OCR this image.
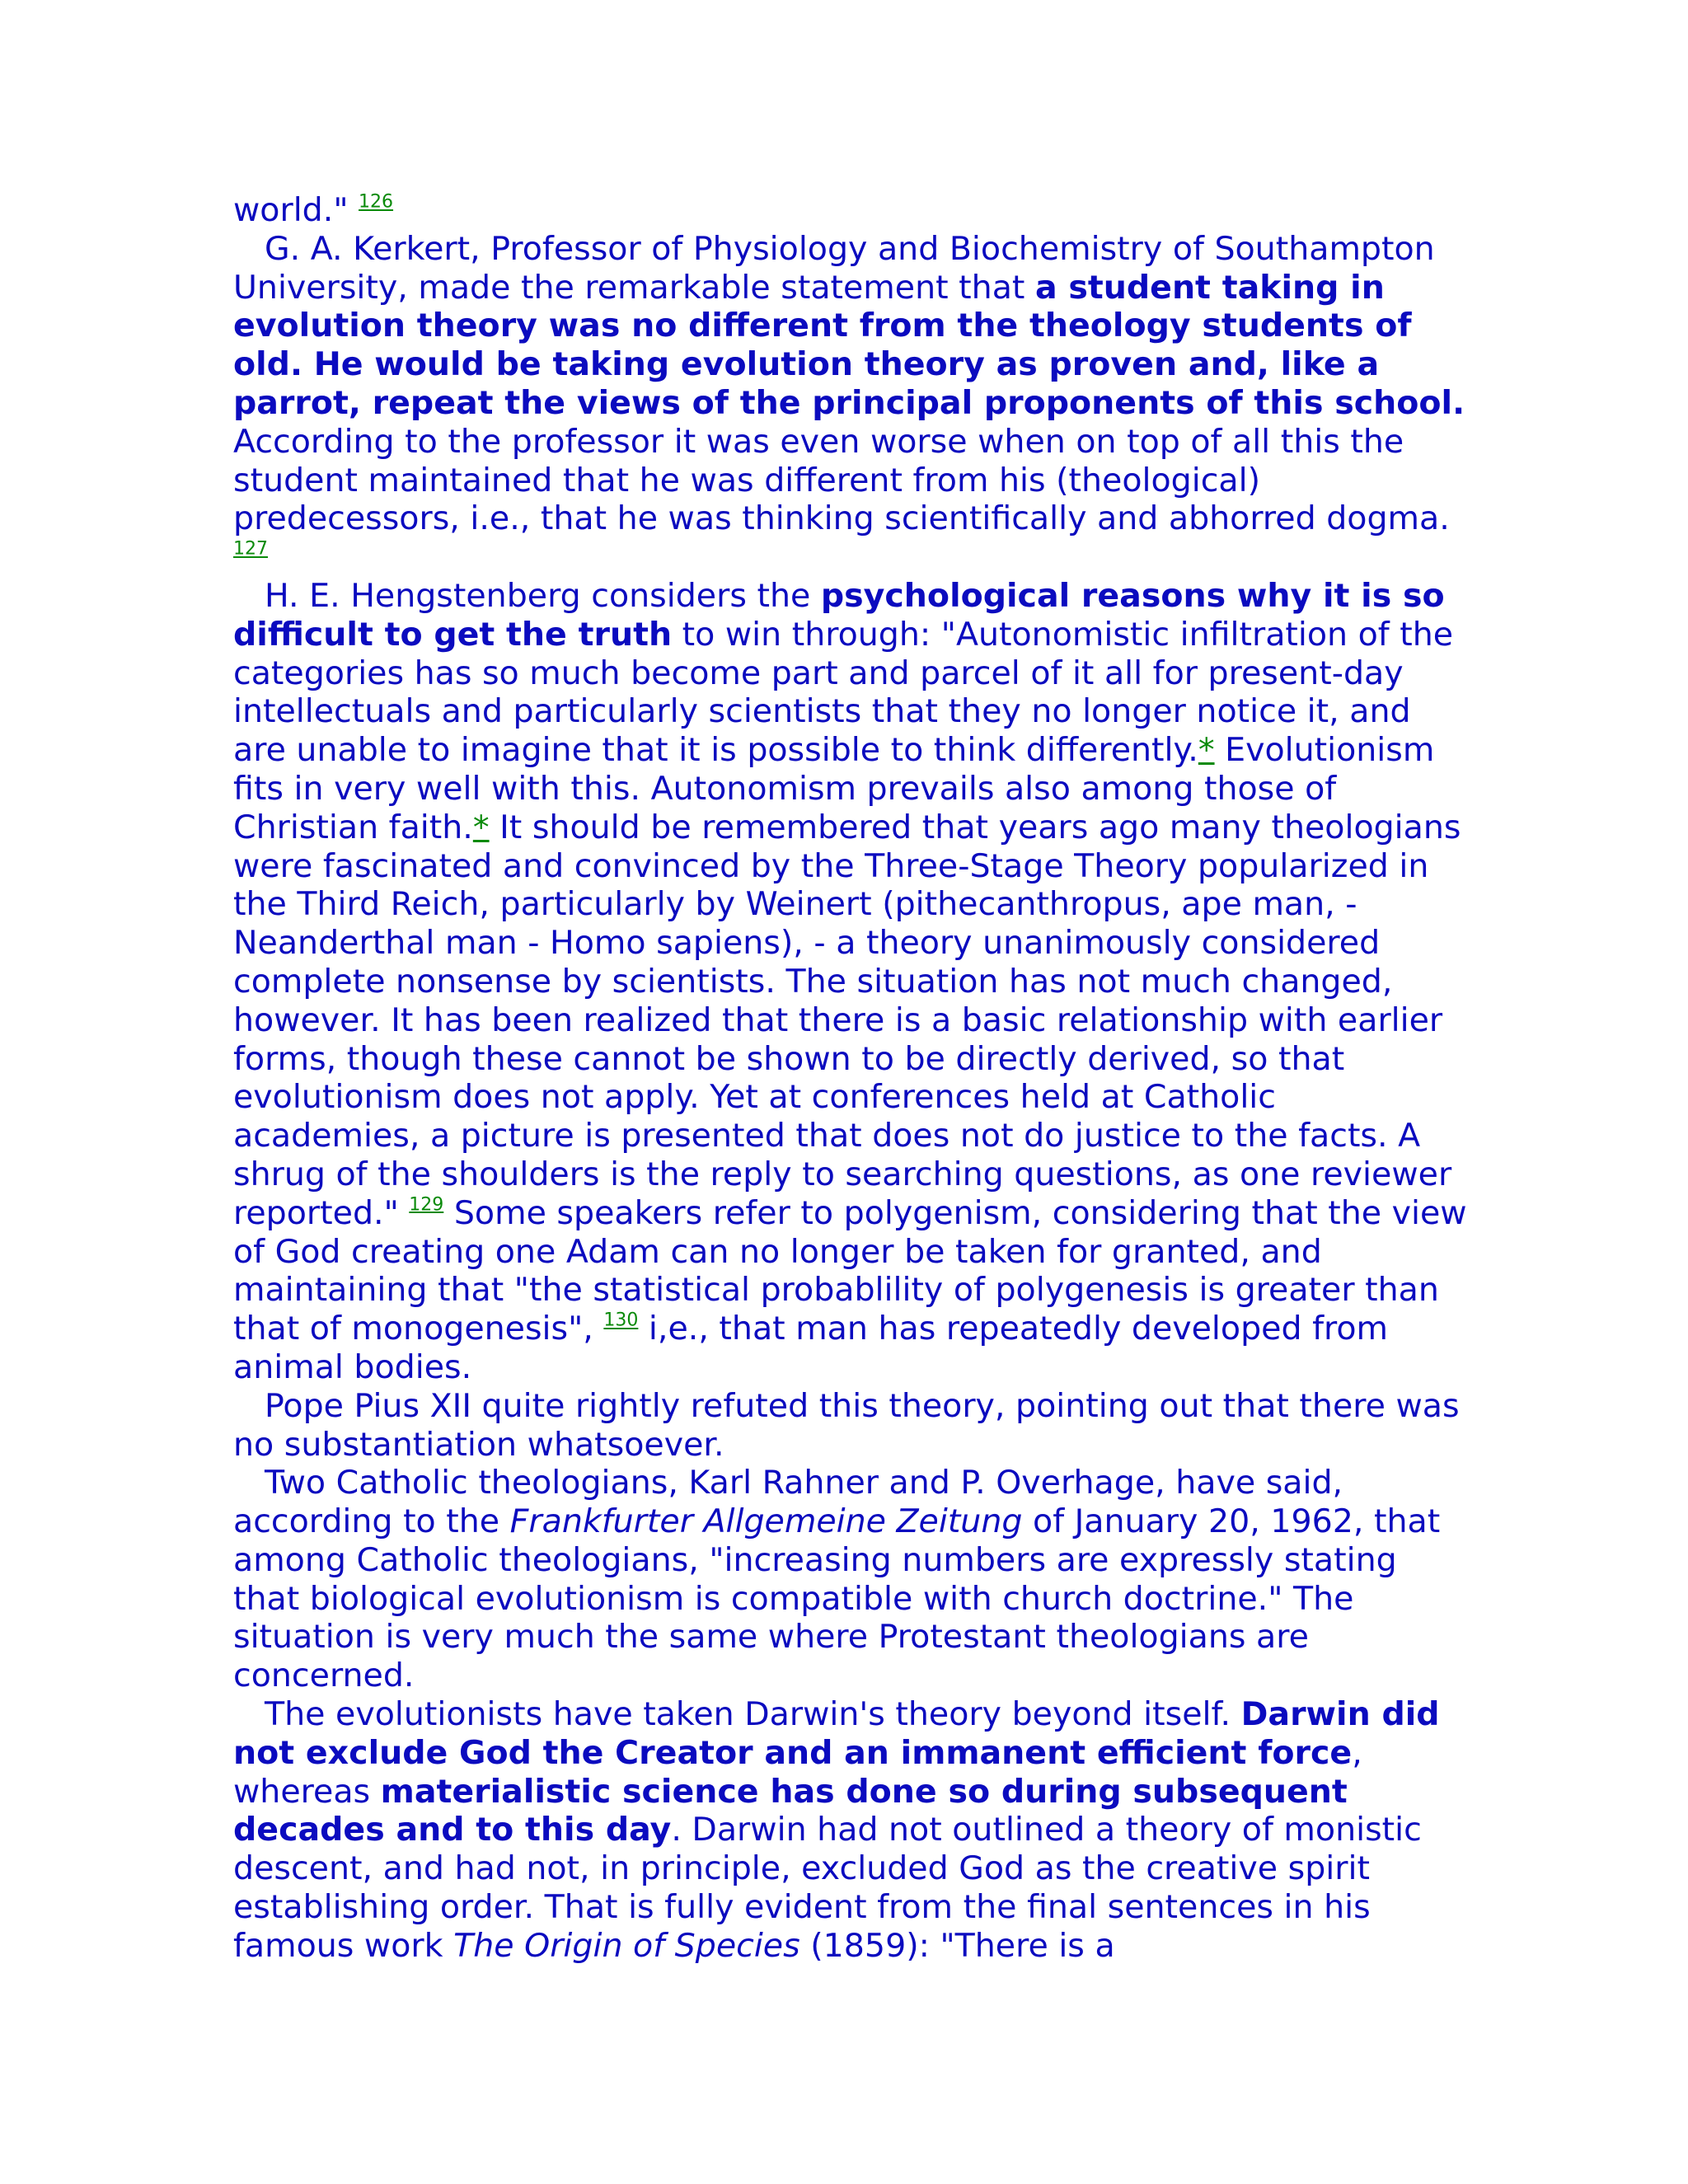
world." $^{126}$

G. A. Kerkert, Professor of Physiology and Biochemistry of Southampton University, made the remarkable statement that a student taking in evolution theory was no different from the theology students of old. He would be taking evolution theory as proven and, like a parrot, repeat the views of the principal proponents of this school. According to the professor it was even worse when on top of all this the student maintained that he was different from his (theological) predecessors, i.e., that he was thinking scientifically and abhorred dogma. $^{127}$

H. E. Hengstenberg considers the psychological reasons why it is so difficult to get the truth to win through: "Autonomistic infiltration of the categories has so much become part and parcel of it all for present-day intellectuals and particularly scientists that they no longer notice it, and are unable to imagine that it is possible to think differently.* Evolutionism fits in very well with this. Autonomism prevails also among those of Christian faith.* It should be remembered that years ago many theologians were fascinated and convinced by the Three-Stage Theory popularized in the Third Reich, particularly by Weinert (pithecanthropus, ape man, - Neanderthal man - Homo sapiens), - a theory unanimously considered complete nonsense by scientists. The situation has not much changed, however. It has been realized that there is a basic relationship with earlier forms, though these cannot be shown to be directly derived, so that evolutionism does not apply. Yet at conferences held at Catholic academies, a picture is presented that does not do justice to the facts. A shrug of the shoulders is the reply to searching questions, as one reviewer reported." $^{129}$ Some speakers refer to polygenism, considering that the view of God creating one Adam can no longer be taken for granted, and maintaining that "the statistical probablility of polygenesis is greater than that of monogenesis", $^{130}$ i,e., that man has repeatedly developed from animal bodies.

Pope Pius XII quite rightly refuted this theory, pointing out that there was no substantiation whatsoever.

Two Catholic theologians, Karl Rahner and P. Overhage, have said, according to the Frankfurter Allgemeine Zeitung of January 20, 1962, that among Catholic theologians, "increasing numbers are expressly stating that biological evolutionism is compatible with church doctrine." The situation is very much the same where Protestant theologians are concerned.

The evolutionists have taken Darwin's theory beyond itself. Darwin did not exclude God the Creator and an immanent efficient force, whereas materialistic science has done so during subsequent decades and to this day. Darwin had not outlined a theory of monistic descent, and had not, in principle, excluded God as the creative spirit establishing order. That is fully evident from the final sentences in his famous work The Origin of Species (1859): "There is a
